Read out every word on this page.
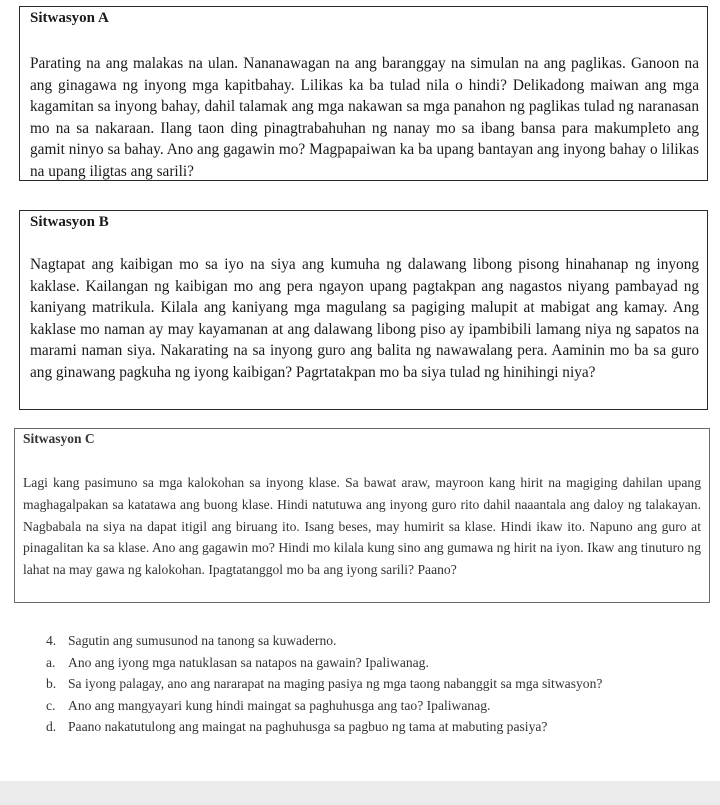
Sitwasyon A
Parating na ang malakas na ulan. Nananawagan na ang baranggay na simulan na ang paglikas. Ganoon na ang ginagawa ng inyong mga kapitbahay. Lilikas ka ba tulad nila o hindi? Delikadong maiwan ang mga kagamitan sa inyong bahay, dahil talamak ang mga nakawan sa mga panahon ng paglikas tulad ng naranasan mo na sa nakaraan. Ilang taon ding pinagtrabahuhan ng nanay mo sa ibang bansa para makumpleto ang gamit ninyo sa bahay. Ano ang gagawin mo? Magpapaiwan ka ba upang bantayan ang inyong bahay o lilikas na upang iligtas ang sarili?
Sitwasyon B
Nagtapat ang kaibigan mo sa iyo na siya ang kumuha ng dalawang libong pisong hinahanap ng inyong kaklase. Kailangan ng kaibigan mo ang pera ngayon upang pagtakpan ang nagastos niyang pambayad ng kaniyang matrikula. Kilala ang kaniyang mga magulang sa pagiging malupit at mabigat ang kamay. Ang kaklase mo naman ay may kayamanan at ang dalawang libong piso ay ipambibili lamang niya ng sapatos na marami naman siya. Nakarating na sa inyong guro ang balita ng nawawalang pera. Aaminin mo ba sa guro ang ginawang pagkuha ng iyong kaibigan? Pagrtatakpan mo ba siya tulad ng hinihingi niya?
Sitwasyon C
Lagi kang pasimuno sa mga kalokohan sa inyong klase. Sa bawat araw, mayroon kang hirit na magiging dahilan upang maghagalpakan sa katatawa ang buong klase. Hindi natutuwa ang inyong guro rito dahil naaantala ang daloy ng talakayan. Nagbabala na siya na dapat itigil ang biruang ito. Isang beses, may humirit sa klase. Hindi ikaw ito. Napuno ang guro at pinagalitan ka sa klase. Ano ang gagawin mo? Hindi mo kilala kung sino ang gumawa ng hirit na iyon. Ikaw ang tinuturo ng lahat na may gawa ng kalokohan. Ipagtatanggol mo ba ang iyong sarili? Paano?
4. Sagutin ang sumusunod na tanong sa kuwaderno.
a. Ano ang iyong mga natuklasan sa natapos na gawain? Ipaliwanag.
b. Sa iyong palagay, ano ang nararapat na maging pasiya ng mga taong nabanggit sa mga sitwasyon?
c. Ano ang mangyayari kung hindi maingat sa paghuhusga ang tao? Ipaliwanag.
d. Paano nakatutulong ang maingat na paghuhusga sa pagbuo ng tama at mabuting pasiya?
